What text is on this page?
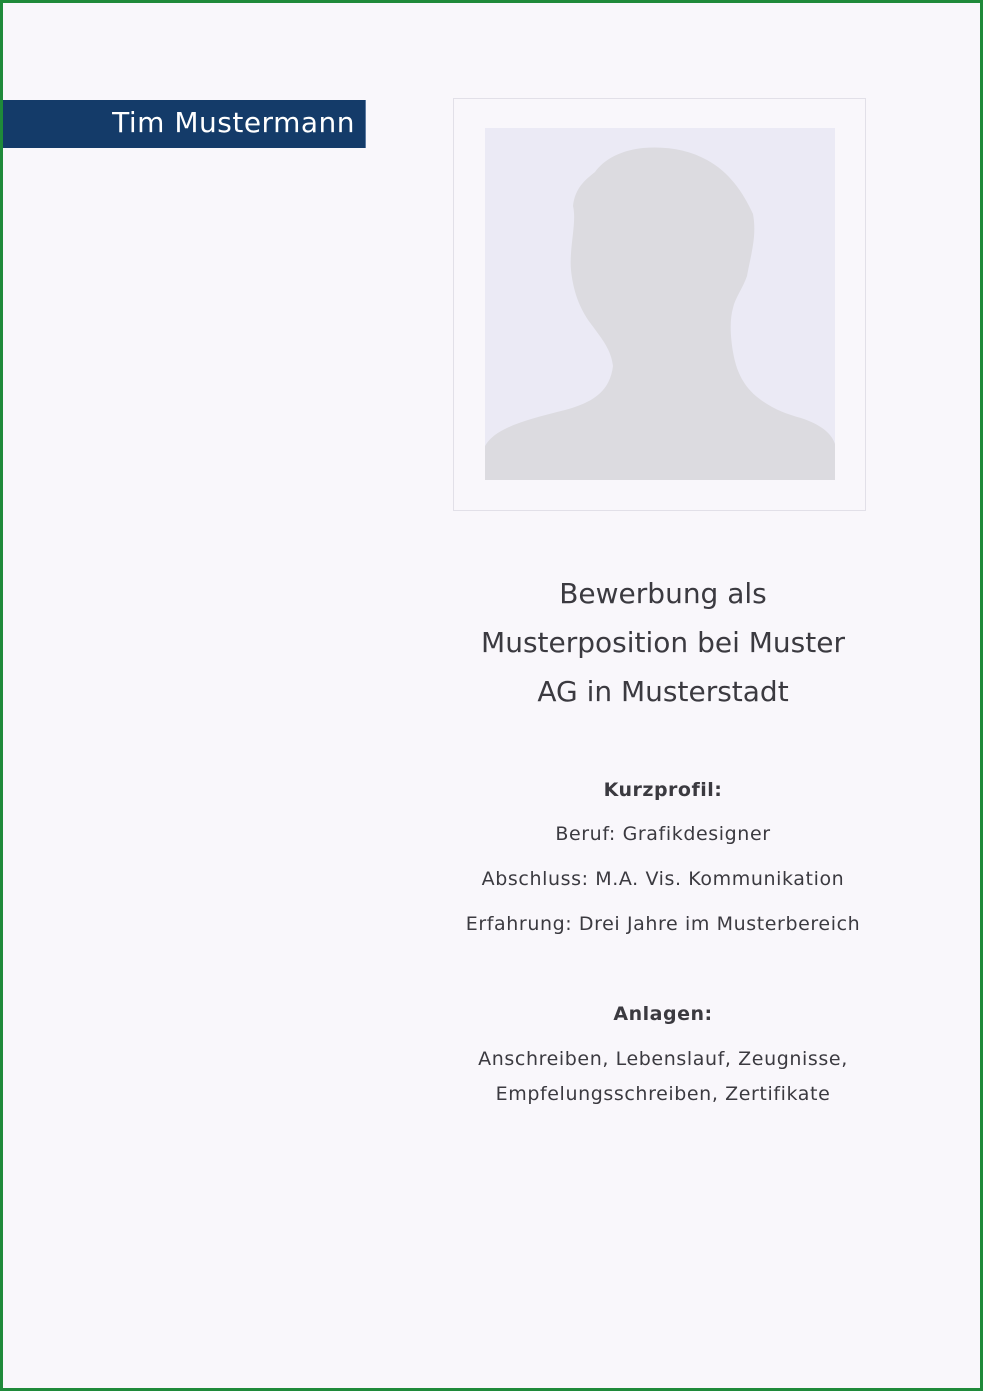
Tim Mustermann
Bewerbung als
Musterposition bei Muster
AG in Musterstadt
Kurzprofil:
Beruf: Grafikdesigner
Abschluss: M.A. Vis. Kommunikation
Erfahrung: Drei Jahre im Musterbereich
Anlagen:
Anschreiben, Lebenslauf, Zeugnisse,
Empfelungsschreiben, Zertifikate
